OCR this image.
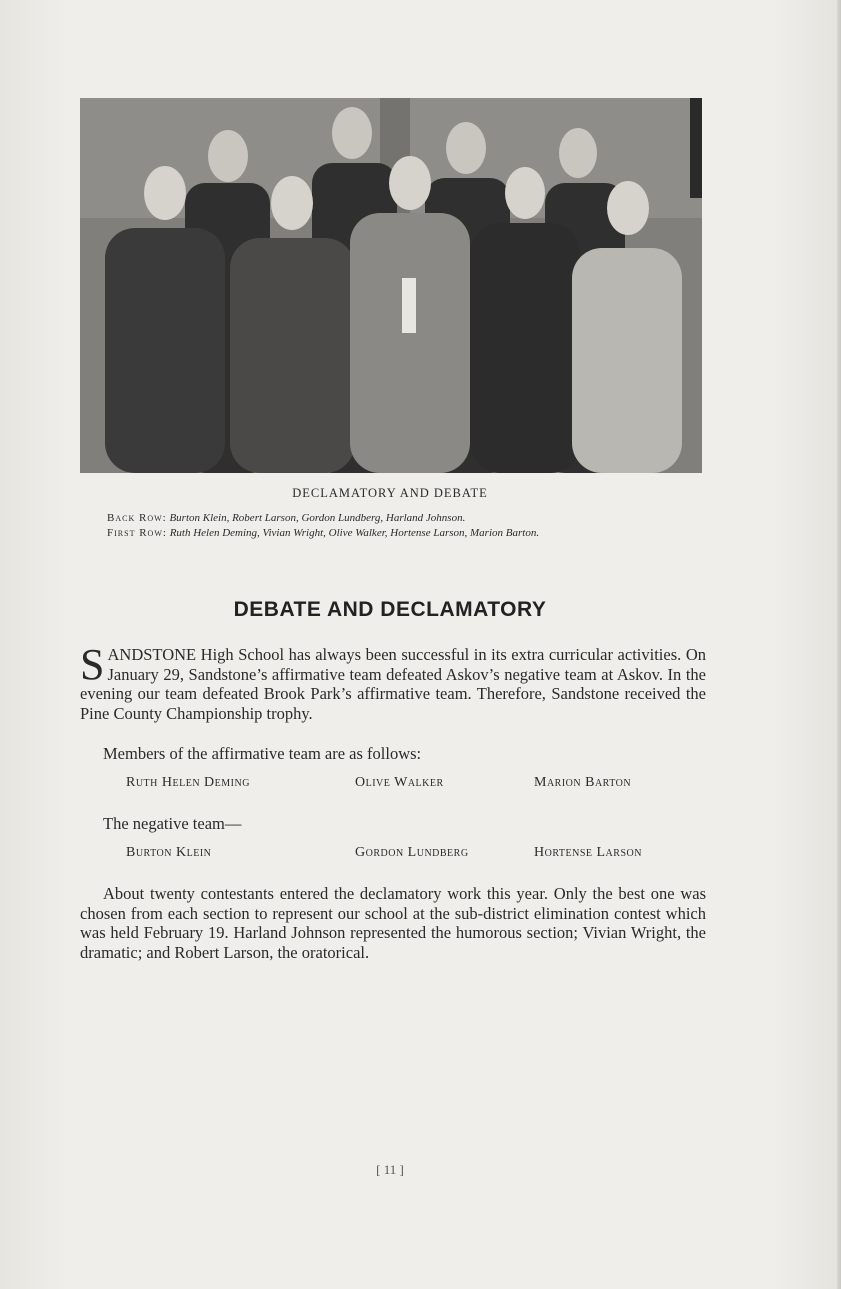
DECLAMATORY AND DEBATE
Back Row: Burton Klein, Robert Larson, Gordon Lundberg, Harland Johnson.
First Row: Ruth Helen Deming, Vivian Wright, Olive Walker, Hortense Larson, Marion Barton.
DEBATE AND DECLAMATORY
SANDSTONE High School has always been successful in its extra curricular activities. On January 29, Sandstone’s affirmative team defeated Askov’s negative team at Askov. In the evening our team defeated Brook Park’s affirmative team. Therefore, Sandstone received the Pine County Championship trophy.
Members of the affirmative team are as follows:
Ruth Helen Deming	Olive Walker	Marion Barton
The negative team—
Burton Klein	Gordon Lundberg	Hortense Larson
About twenty contestants entered the declamatory work this year. Only the best one was chosen from each section to represent our school at the sub-district elimination contest which was held February 19. Harland Johnson represented the humorous section; Vivian Wright, the dramatic; and Robert Larson, the oratorical.
[ 11 ]
